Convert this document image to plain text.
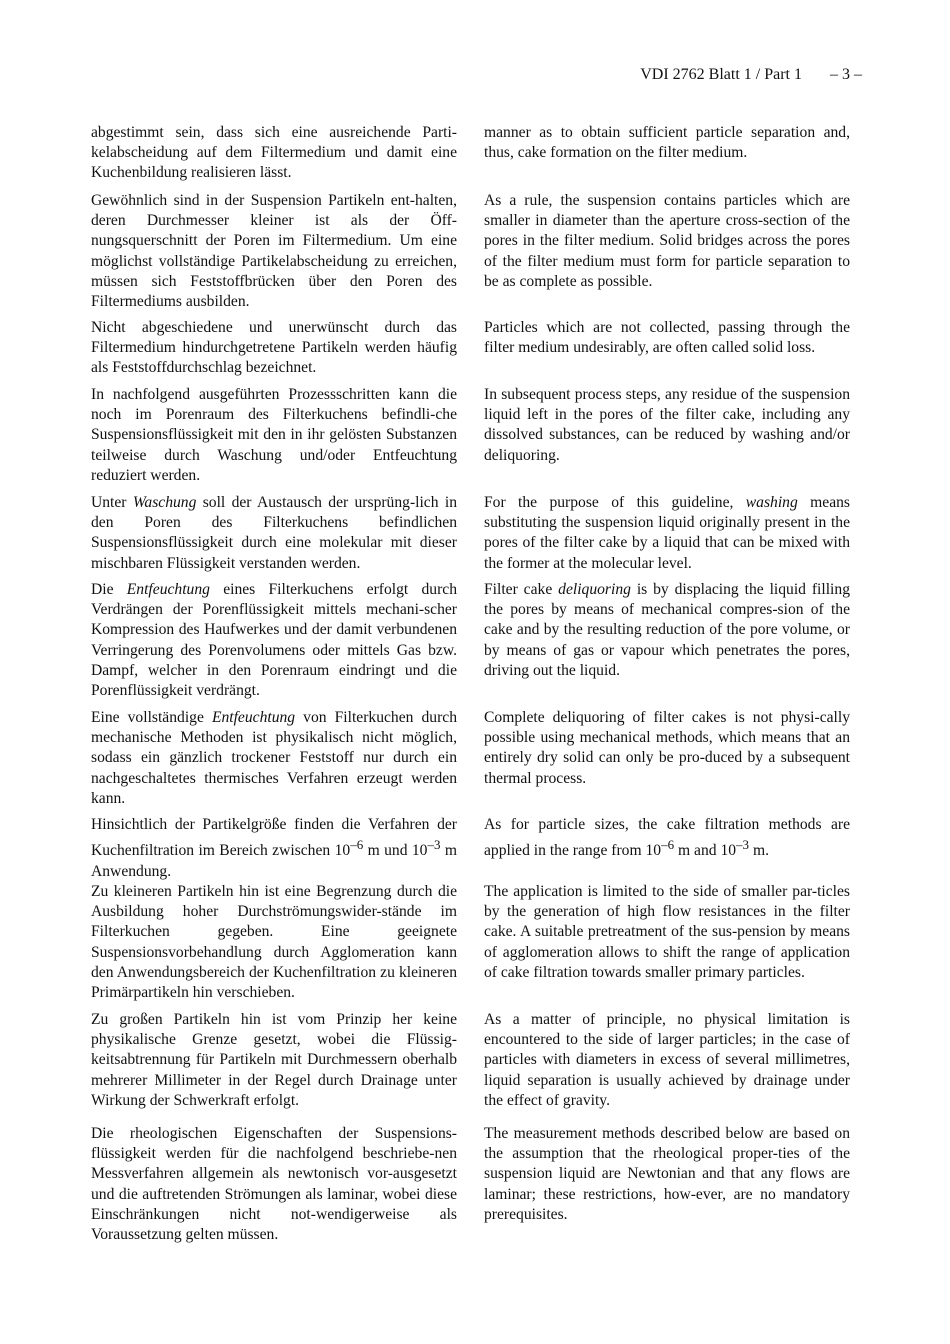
VDI 2762 Blatt 1 / Part 1 – 3 –

abgestimmt sein, dass sich eine ausreichende Parti-kelabscheidung auf dem Filtermedium und damit eine Kuchenbildung realisieren lässt.

manner as to obtain sufficient particle separation and, thus, cake formation on the filter medium.

Gewöhnlich sind in der Suspension Partikeln ent-halten, deren Durchmesser kleiner ist als der Öff-nungsquerschnitt der Poren im Filtermedium. Um eine möglichst vollständige Partikelabscheidung zu erreichen, müssen sich Feststoffbrücken über den Poren des Filtermediums ausbilden.

As a rule, the suspension contains particles which are smaller in diameter than the aperture cross-section of the pores in the filter medium. Solid bridges across the pores of the filter medium must form for particle separation to be as complete as possible.

Nicht abgeschiedene und unerwünscht durch das Filtermedium hindurchgetretene Partikeln werden häufig als Feststoffdurchschlag bezeichnet.

Particles which are not collected, passing through the filter medium undesirably, are often called solid loss.

In nachfolgend ausgeführten Prozessschritten kann die noch im Porenraum des Filterkuchens befindli-che Suspensionsflüssigkeit mit den in ihr gelösten Substanzen teilweise durch Waschung und/oder Entfeuchtung reduziert werden.

In subsequent process steps, any residue of the suspension liquid left in the pores of the filter cake, including any dissolved substances, can be reduced by washing and/or deliquoring.

Unter Waschung soll der Austausch der ursprüng-lich in den Poren des Filterkuchens befindlichen Suspensionsflüssigkeit durch eine molekular mit dieser mischbaren Flüssigkeit verstanden werden.

For the purpose of this guideline, washing means substituting the suspension liquid originally present in the pores of the filter cake by a liquid that can be mixed with the former at the molecular level.

Die Entfeuchtung eines Filterkuchens erfolgt durch Verdrängen der Porenflüssigkeit mittels mechani-scher Kompression des Haufwerkes und der damit verbundenen Verringerung des Porenvolumens oder mittels Gas bzw. Dampf, welcher in den Porenraum eindringt und die Porenflüssigkeit verdrängt.

Filter cake deliquoring is by displacing the liquid filling the pores by means of mechanical compres-sion of the cake and by the resulting reduction of the pore volume, or by means of gas or vapour which penetrates the pores, driving out the liquid.

Eine vollständige Entfeuchtung von Filterkuchen durch mechanische Methoden ist physikalisch nicht möglich, sodass ein gänzlich trockener Feststoff nur durch ein nachgeschaltetes thermisches Verfahren erzeugt werden kann.

Complete deliquoring of filter cakes is not physi-cally possible using mechanical methods, which means that an entirely dry solid can only be pro-duced by a subsequent thermal process.

Hinsichtlich der Partikelgröße finden die Verfahren der Kuchenfiltration im Bereich zwischen $10^{-6}$ m und $10^{-3}$ m Anwendung.

As for particle sizes, the cake filtration methods are applied in the range from $10^{-6}$ m and $10^{-3}$ m.

Zu kleineren Partikeln hin ist eine Begrenzung durch die Ausbildung hoher Durchströmungswider-stände im Filterkuchen gegeben. Eine geeignete Suspensionsvorbehandlung durch Agglomeration kann den Anwendungsbereich der Kuchenfiltration zu kleineren Primärpartikeln hin verschieben.

The application is limited to the side of smaller par-ticles by the generation of high flow resistances in the filter cake. A suitable pretreatment of the sus-pension by means of agglomeration allows to shift the range of application of cake filtration towards smaller primary particles.

Zu großen Partikeln hin ist vom Prinzip her keine physikalische Grenze gesetzt, wobei die Flüssig-keitsabtrennung für Partikeln mit Durchmessern oberhalb mehrerer Millimeter in der Regel durch Drainage unter Wirkung der Schwerkraft erfolgt.

As a matter of principle, no physical limitation is encountered to the side of larger particles; in the case of particles with diameters in excess of several millimetres, liquid separation is usually achieved by drainage under the effect of gravity.

Die rheologischen Eigenschaften der Suspensions-flüssigkeit werden für die nachfolgend beschriebe-nen Messverfahren allgemein als newtonisch vor-ausgesetzt und die auftretenden Strömungen als laminar, wobei diese Einschränkungen nicht not-wendigerweise als Voraussetzung gelten müssen.

The measurement methods described below are based on the assumption that the rheological proper-ties of the suspension liquid are Newtonian and that any flows are laminar; these restrictions, how-ever, are no mandatory prerequisites.
